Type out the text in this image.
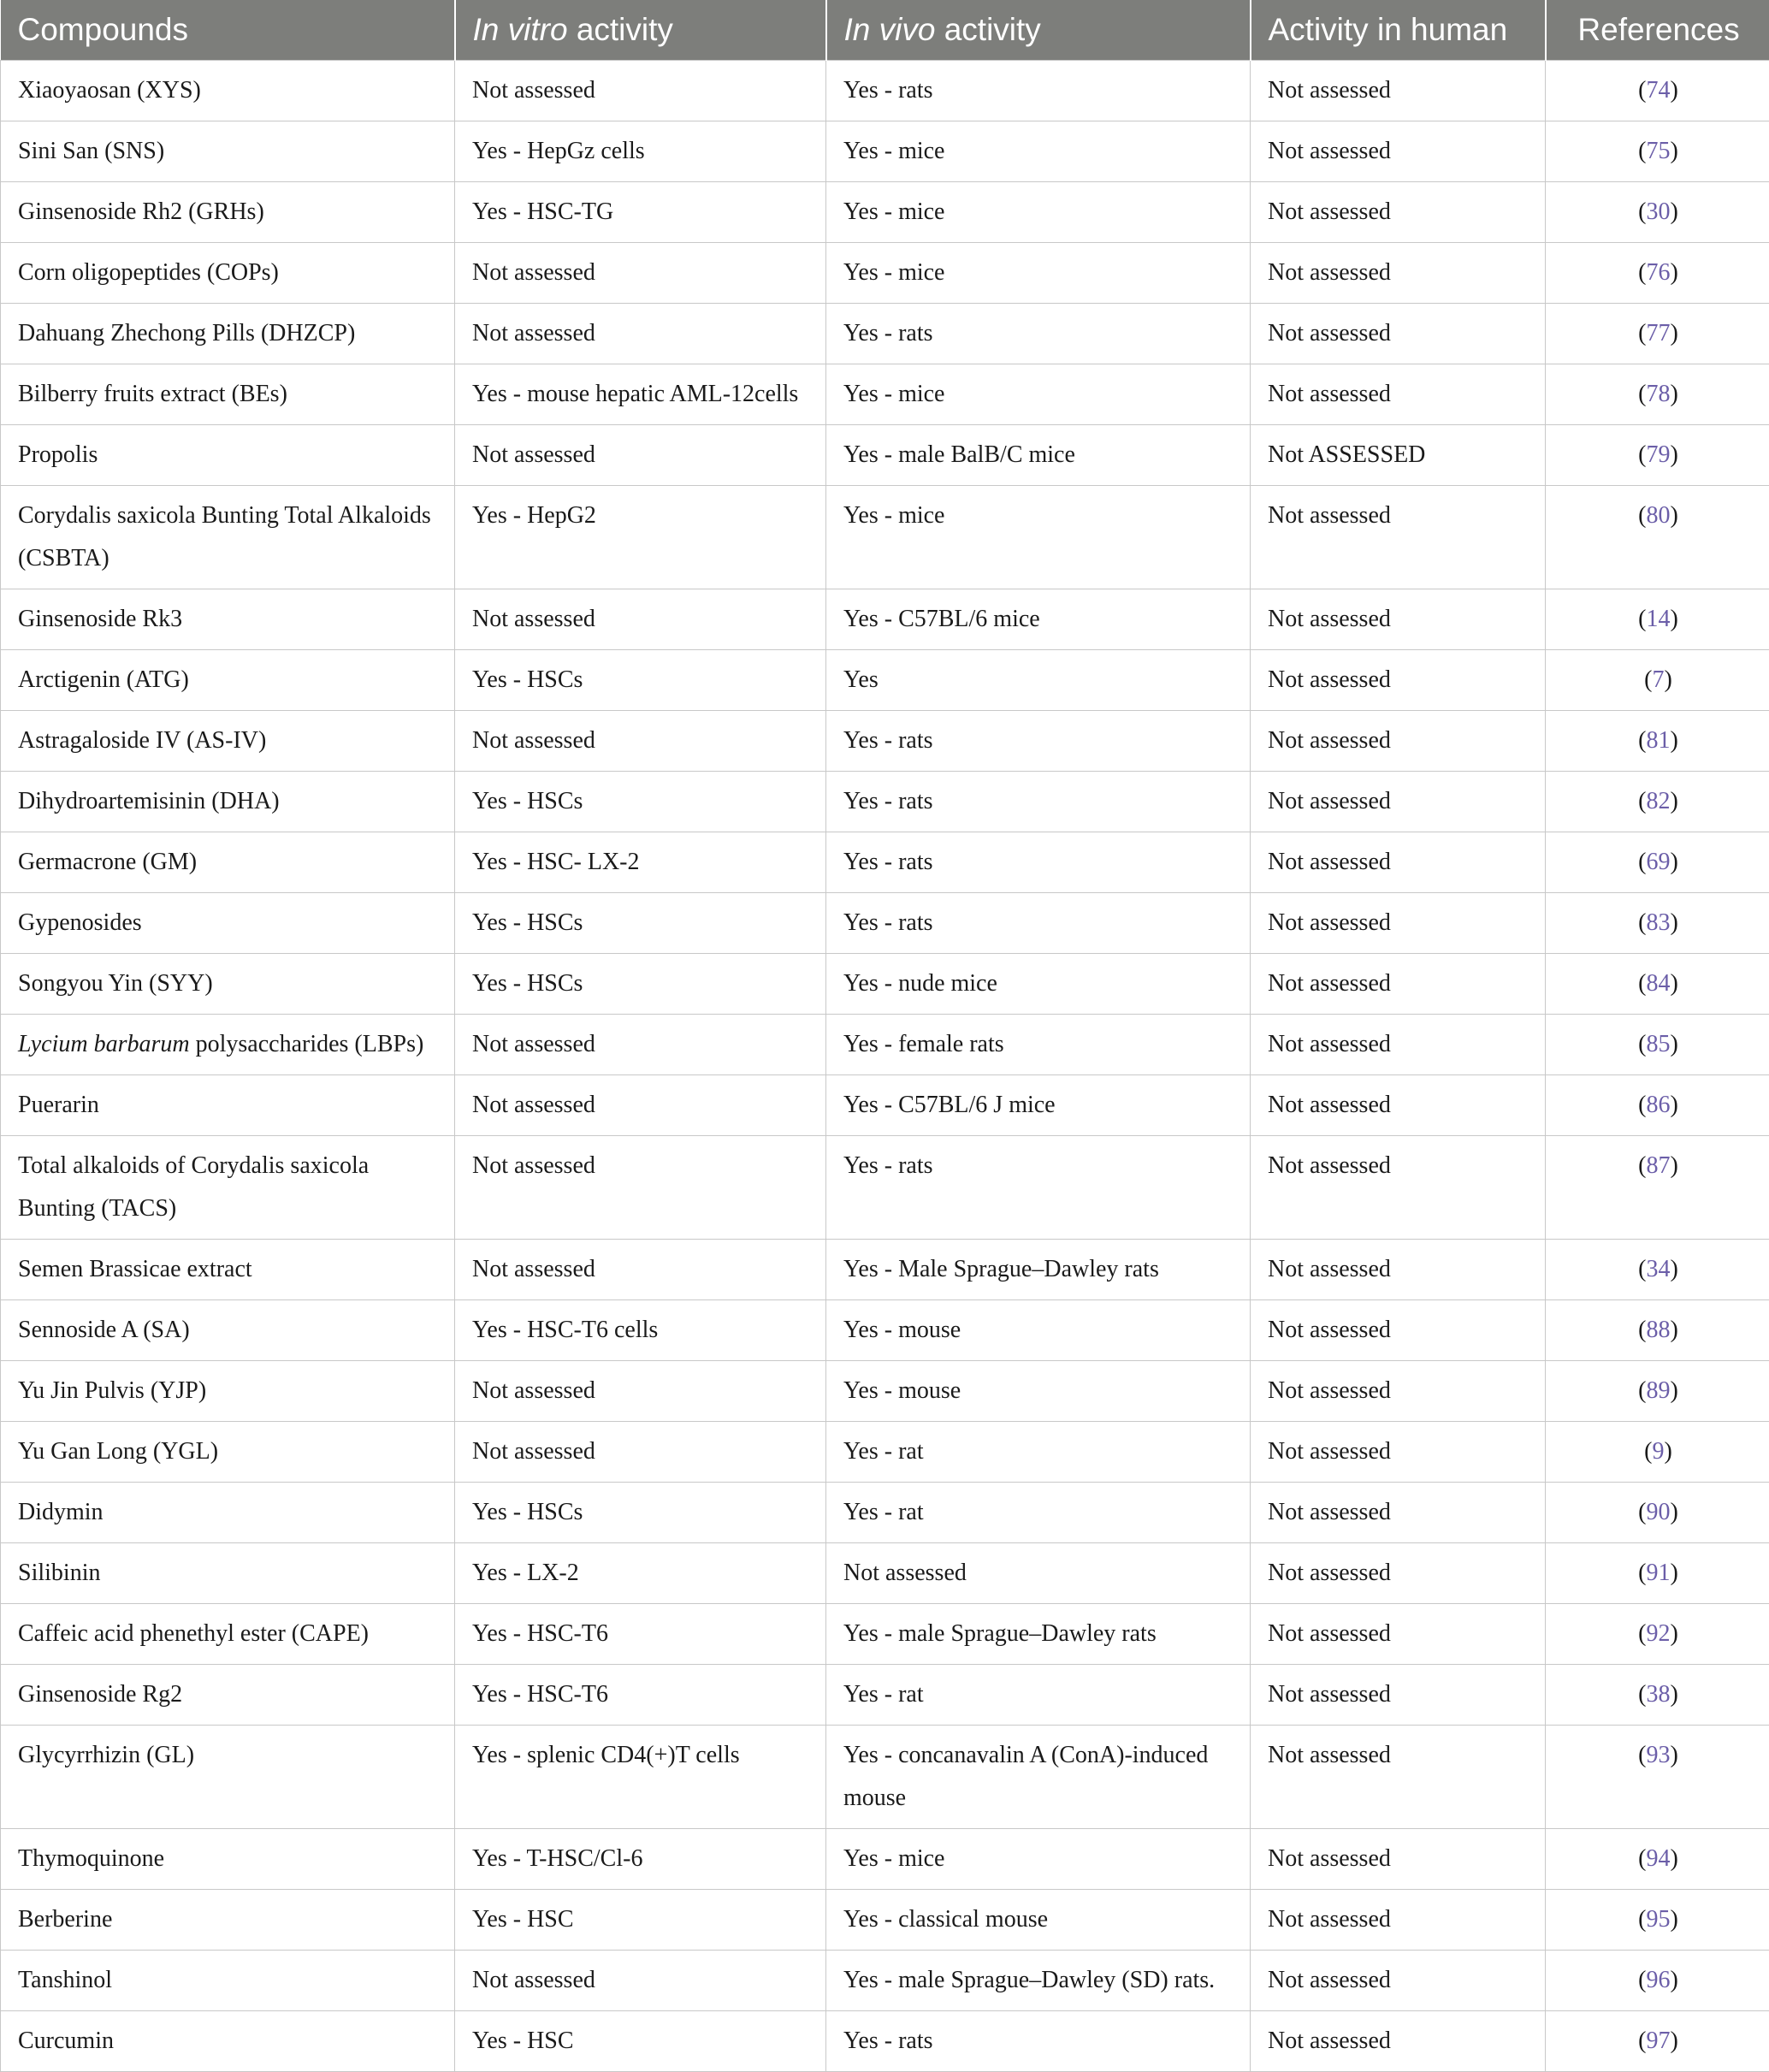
Compounds	In vitro activity	In vivo activity	Activity in human	References
Xiaoyaosan (XYS)	Not assessed	Yes - rats	Not assessed	(74)
Sini San (SNS)	Yes - HepGz cells	Yes - mice	Not assessed	(75)
Ginsenoside Rh2 (GRHs)	Yes - HSC-TG	Yes - mice	Not assessed	(30)
Corn oligopeptides (COPs)	Not assessed	Yes - mice	Not assessed	(76)
Dahuang Zhechong Pills (DHZCP)	Not assessed	Yes - rats	Not assessed	(77)
Bilberry fruits extract (BEs)	Yes - mouse hepatic AML-12cells	Yes - mice	Not assessed	(78)
Propolis	Not assessed	Yes - male BalB/C mice	Not ASSESSED	(79)
Corydalis saxicola Bunting Total Alkaloids (CSBTA)	Yes - HepG2	Yes - mice	Not assessed	(80)
Ginsenoside Rk3	Not assessed	Yes - C57BL/6 mice	Not assessed	(14)
Arctigenin (ATG)	Yes - HSCs	Yes	Not assessed	(7)
Astragaloside IV (AS-IV)	Not assessed	Yes - rats	Not assessed	(81)
Dihydroartemisinin (DHA)	Yes - HSCs	Yes - rats	Not assessed	(82)
Germacrone (GM)	Yes - HSC- LX-2	Yes - rats	Not assessed	(69)
Gypenosides	Yes - HSCs	Yes - rats	Not assessed	(83)
Songyou Yin (SYY)	Yes - HSCs	Yes - nude mice	Not assessed	(84)
Lycium barbarum polysaccharides (LBPs)	Not assessed	Yes - female rats	Not assessed	(85)
Puerarin	Not assessed	Yes - C57BL/6 J mice	Not assessed	(86)
Total alkaloids of Corydalis saxicola Bunting (TACS)	Not assessed	Yes - rats	Not assessed	(87)
Semen Brassicae extract	Not assessed	Yes - Male Sprague–Dawley rats	Not assessed	(34)
Sennoside A (SA)	Yes - HSC-T6 cells	Yes - mouse	Not assessed	(88)
Yu Jin Pulvis (YJP)	Not assessed	Yes - mouse	Not assessed	(89)
Yu Gan Long (YGL)	Not assessed	Yes - rat	Not assessed	(9)
Didymin	Yes - HSCs	Yes - rat	Not assessed	(90)
Silibinin	Yes - LX-2	Not assessed	Not assessed	(91)
Caffeic acid phenethyl ester (CAPE)	Yes - HSC-T6	Yes - male Sprague–Dawley rats	Not assessed	(92)
Ginsenoside Rg2	Yes - HSC-T6	Yes - rat	Not assessed	(38)
Glycyrrhizin (GL)	Yes - splenic CD4(+)T cells	Yes - concanavalin A (ConA)-induced mouse	Not assessed	(93)
Thymoquinone	Yes - T-HSC/Cl-6	Yes - mice	Not assessed	(94)
Berberine	Yes - HSC	Yes - classical mouse	Not assessed	(95)
Tanshinol	Not assessed	Yes - male Sprague–Dawley (SD) rats.	Not assessed	(96)
Curcumin	Yes - HSC	Yes - rats	Not assessed	(97)
